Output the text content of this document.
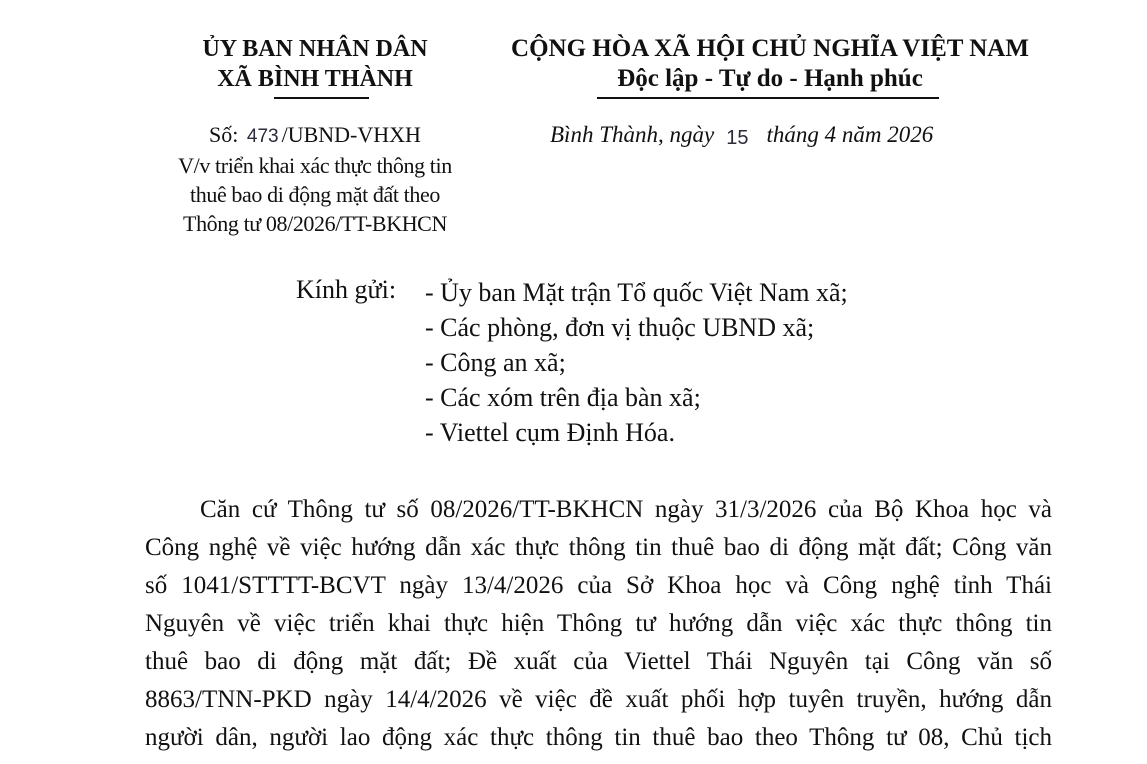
ỦY BAN NHÂN DÂN
XÃ BÌNH THÀNH
CỘNG HÒA XÃ HỘI CHỦ NGHĨA VIỆT NAM
Độc lập - Tự do - Hạnh phúc
Số: 473 /UBND-VHXH
V/v triển khai xác thực thông tin
thuê bao di động mặt đất theo
Thông tư 08/2026/TT-BKHCN
Bình Thành, ngày 15 tháng 4 năm 2026
Kính gửi: - Ủy ban Mặt trận Tổ quốc Việt Nam xã;
- Các phòng, đơn vị thuộc UBND xã;
- Công an xã;
- Các xóm trên địa bàn xã;
- Viettel cụm Định Hóa.
Căn cứ Thông tư số 08/2026/TT-BKHCN ngày 31/3/2026 của Bộ Khoa học và
Công nghệ về việc hướng dẫn xác thực thông tin thuê bao di động mặt đất; Công văn
số 1041/STTTT-BCVT ngày 13/4/2026 của Sở Khoa học và Công nghệ tỉnh Thái
Nguyên về việc triển khai thực hiện Thông tư hướng dẫn việc xác thực thông tin
thuê bao di động mặt đất; Đề xuất của Viettel Thái Nguyên tại Công văn số
8863/TNN-PKD ngày 14/4/2026 về việc đề xuất phối hợp tuyên truyền, hướng dẫn
người dân, người lao động xác thực thông tin thuê bao theo Thông tư 08, Chủ tịch
